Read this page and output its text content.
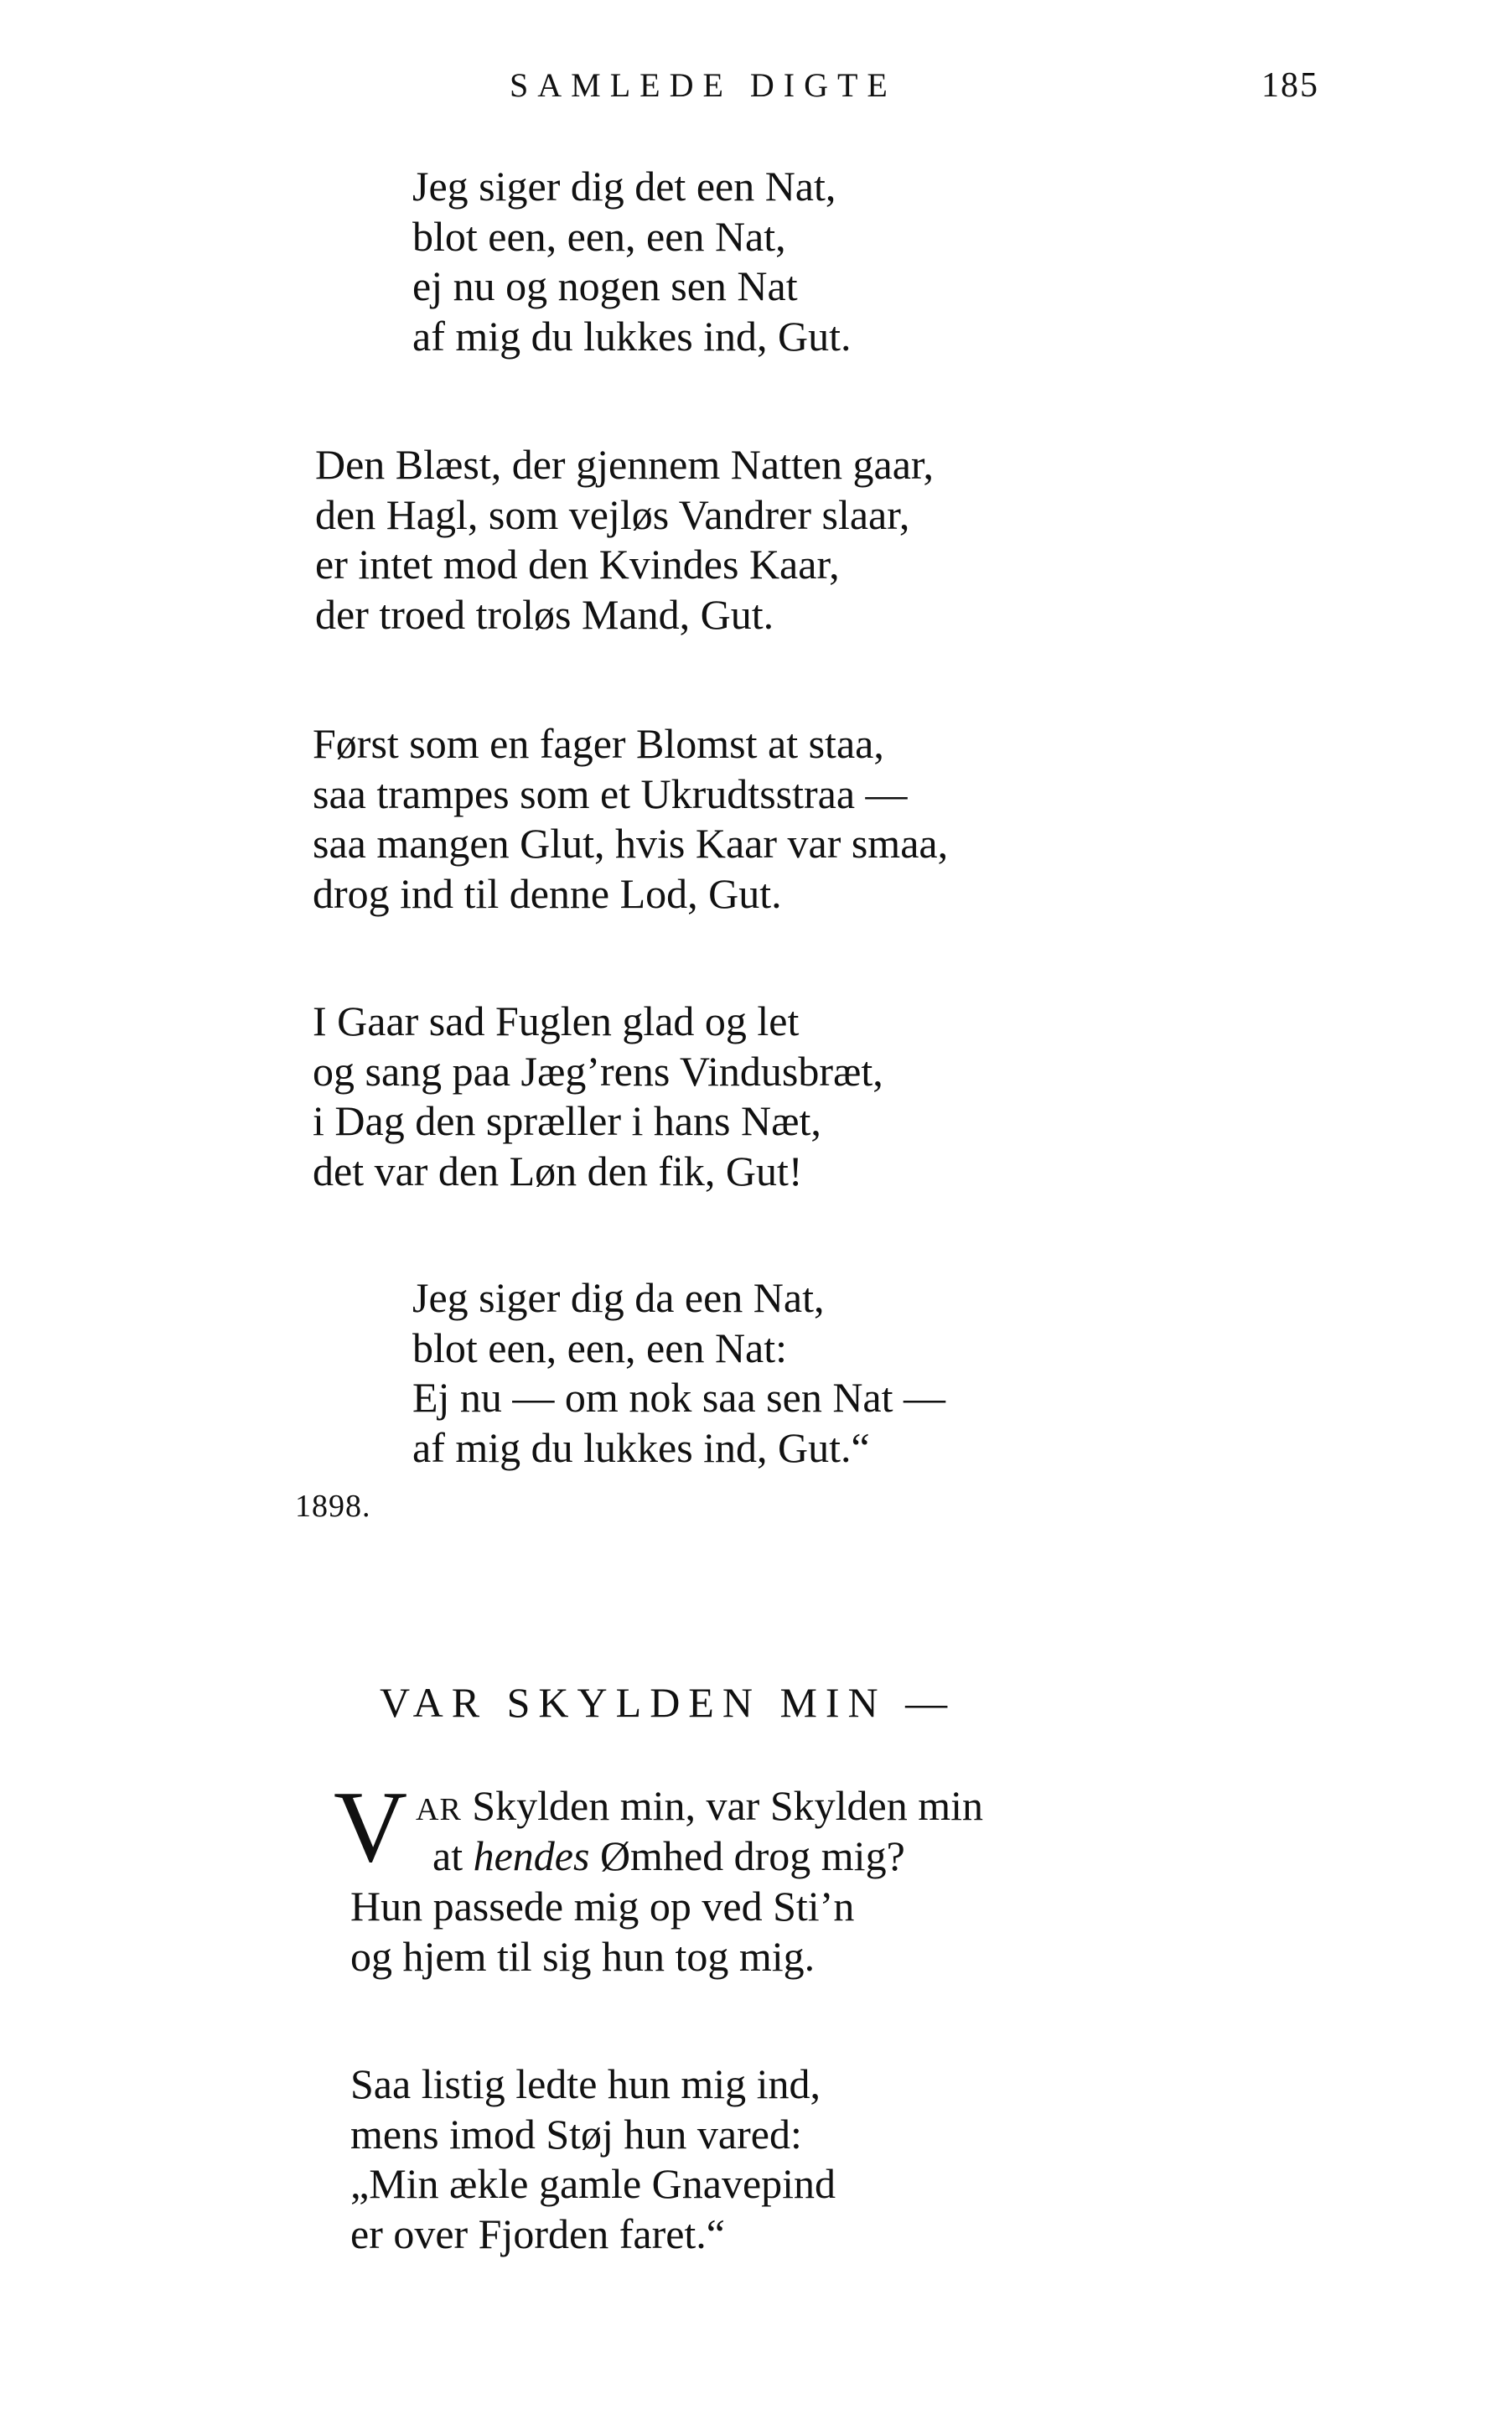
SAMLEDE DIGTE	185
Jeg siger dig det een Nat,
blot een, een, een Nat,
ej nu og nogen sen Nat
af mig du lukkes ind, Gut.
Den Blæst, der gjennem Natten gaar,
den Hagl, som vejløs Vandrer slaar,
er intet mod den Kvindes Kaar,
der troed troløs Mand, Gut.
Først som en fager Blomst at staa,
saa trampes som et Ukrudtsstraa —
saa mangen Glut, hvis Kaar var smaa,
drog ind til denne Lod, Gut.
I Gaar sad Fuglen glad og let
og sang paa Jæg’rens Vindusbræt,
i Dag den spræller i hans Næt,
det var den Løn den fik, Gut!
Jeg siger dig da een Nat,
blot een, een, een Nat:
Ej nu — om nok saa sen Nat —
af mig du lukkes ind, Gut.“
1898.
VAR SKYLDEN MIN —
V AR Skylden min, var Skylden min
at hendes Ømhed drog mig?
Hun passede mig op ved Sti’n
og hjem til sig hun tog mig.
Saa listig ledte hun mig ind,
mens imod Støj hun vared:
„Min ækle gamle Gnavepind
er over Fjorden faret.“
